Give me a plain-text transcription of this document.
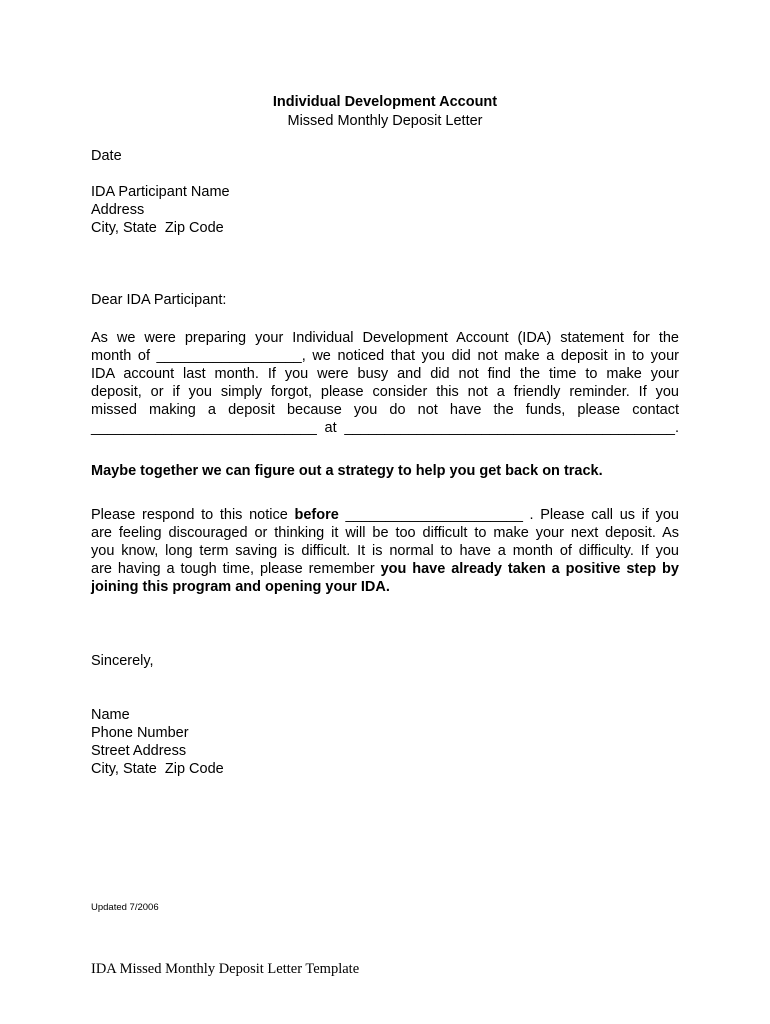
Individual Development Account
Missed Monthly Deposit Letter
Date
IDA Participant Name
Address
City, State  Zip Code
Dear IDA Participant:
As we were preparing your Individual Development Account (IDA) statement for the
month of __________________, we noticed that you did not make a deposit in to your
IDA account last month. If you were busy and did not find the time to make your
deposit, or if you simply forgot, please consider this not a friendly reminder. If you
missed making a deposit because you do not have the funds, please contact
____________________________ at _________________________________________.
Maybe together we can figure out a strategy to help you get back on track.
Please respond to this notice before ______________________ . Please call us if you
are feeling discouraged or thinking it will be too difficult to make your next deposit. As
you know, long term saving is difficult. It is normal to have a month of difficulty. If you
are having a tough time, please remember you have already taken a positive step by
joining this program and opening your IDA.
Sincerely,
Name
Phone Number
Street Address
City, State  Zip Code
Updated 7/2006
IDA Missed Monthly Deposit Letter Template
